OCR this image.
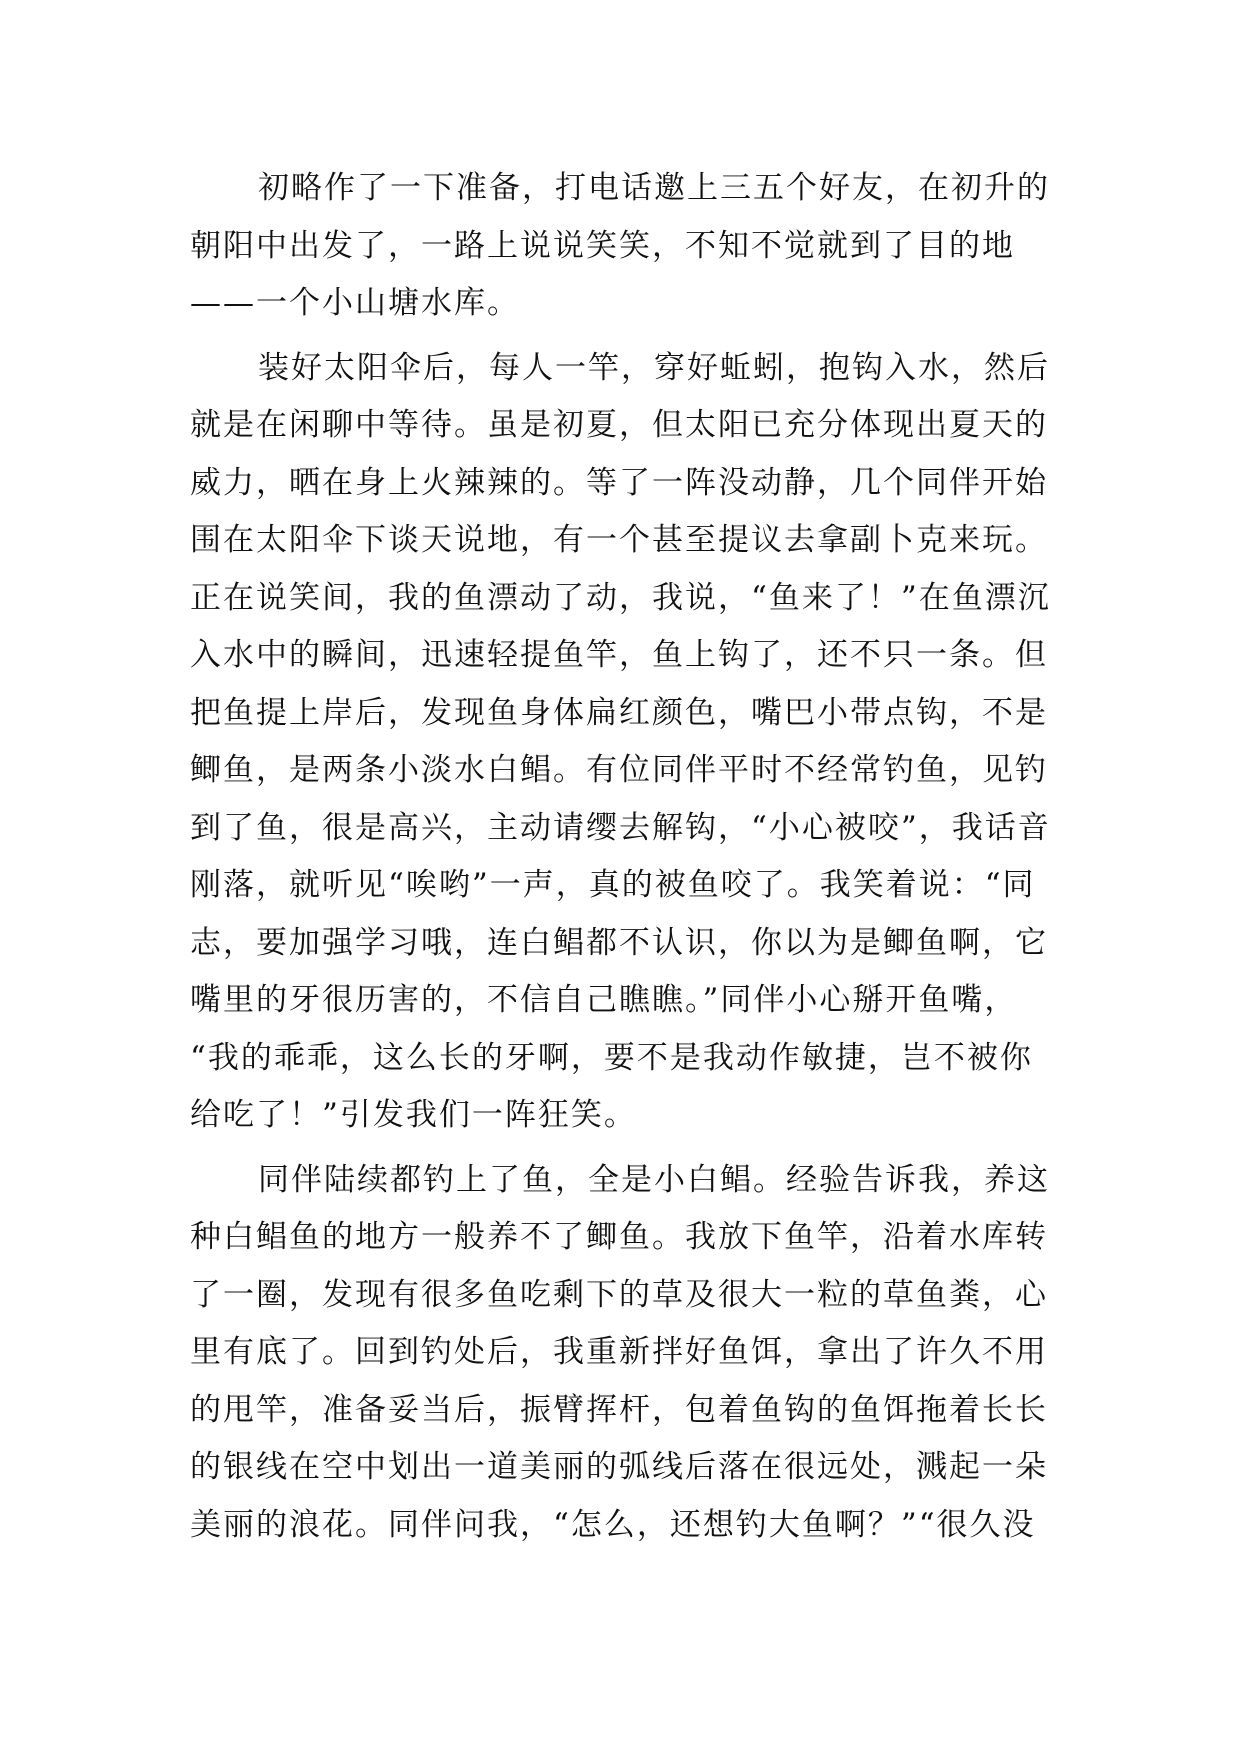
初略作了一下准备，打电话邀上三五个好友，在初升的
朝阳中出发了，一路上说说笑笑，不知不觉就到了目的地
——一个小山塘水库。
装好太阳伞后，每人一竿，穿好蚯蚓，抱钩入水，然后
就是在闲聊中等待。虽是初夏，但太阳已充分体现出夏天的
威力，晒在身上火辣辣的。等了一阵没动静，几个同伴开始
围在太阳伞下谈天说地，有一个甚至提议去拿副卜克来玩。
正在说笑间，我的鱼漂动了动，我说，“鱼来了！”在鱼漂沉
入水中的瞬间，迅速轻提鱼竿，鱼上钩了，还不只一条。但
把鱼提上岸后，发现鱼身体扁红颜色，嘴巴小带点钩，不是
鲫鱼，是两条小淡水白鲳。有位同伴平时不经常钓鱼，见钓
到了鱼，很是高兴，主动请缨去解钩，“小心被咬”，我话音
刚落，就听见“唉哟”一声，真的被鱼咬了。我笑着说：“同
志，要加强学习哦，连白鲳都不认识，你以为是鲫鱼啊，它
嘴里的牙很历害的，不信自己瞧瞧。”同伴小心掰开鱼嘴，
“我的乖乖，这么长的牙啊，要不是我动作敏捷，岂不被你
给吃了！”引发我们一阵狂笑。
同伴陆续都钓上了鱼，全是小白鲳。经验告诉我，养这
种白鲳鱼的地方一般养不了鲫鱼。我放下鱼竿，沿着水库转
了一圈，发现有很多鱼吃剩下的草及很大一粒的草鱼粪，心
里有底了。回到钓处后，我重新拌好鱼饵，拿出了许久不用
的甩竿，准备妥当后，振臂挥杆，包着鱼钩的鱼饵拖着长长
的银线在空中划出一道美丽的弧线后落在很远处，溅起一朵
美丽的浪花。同伴问我，“怎么，还想钓大鱼啊？”“很久没
